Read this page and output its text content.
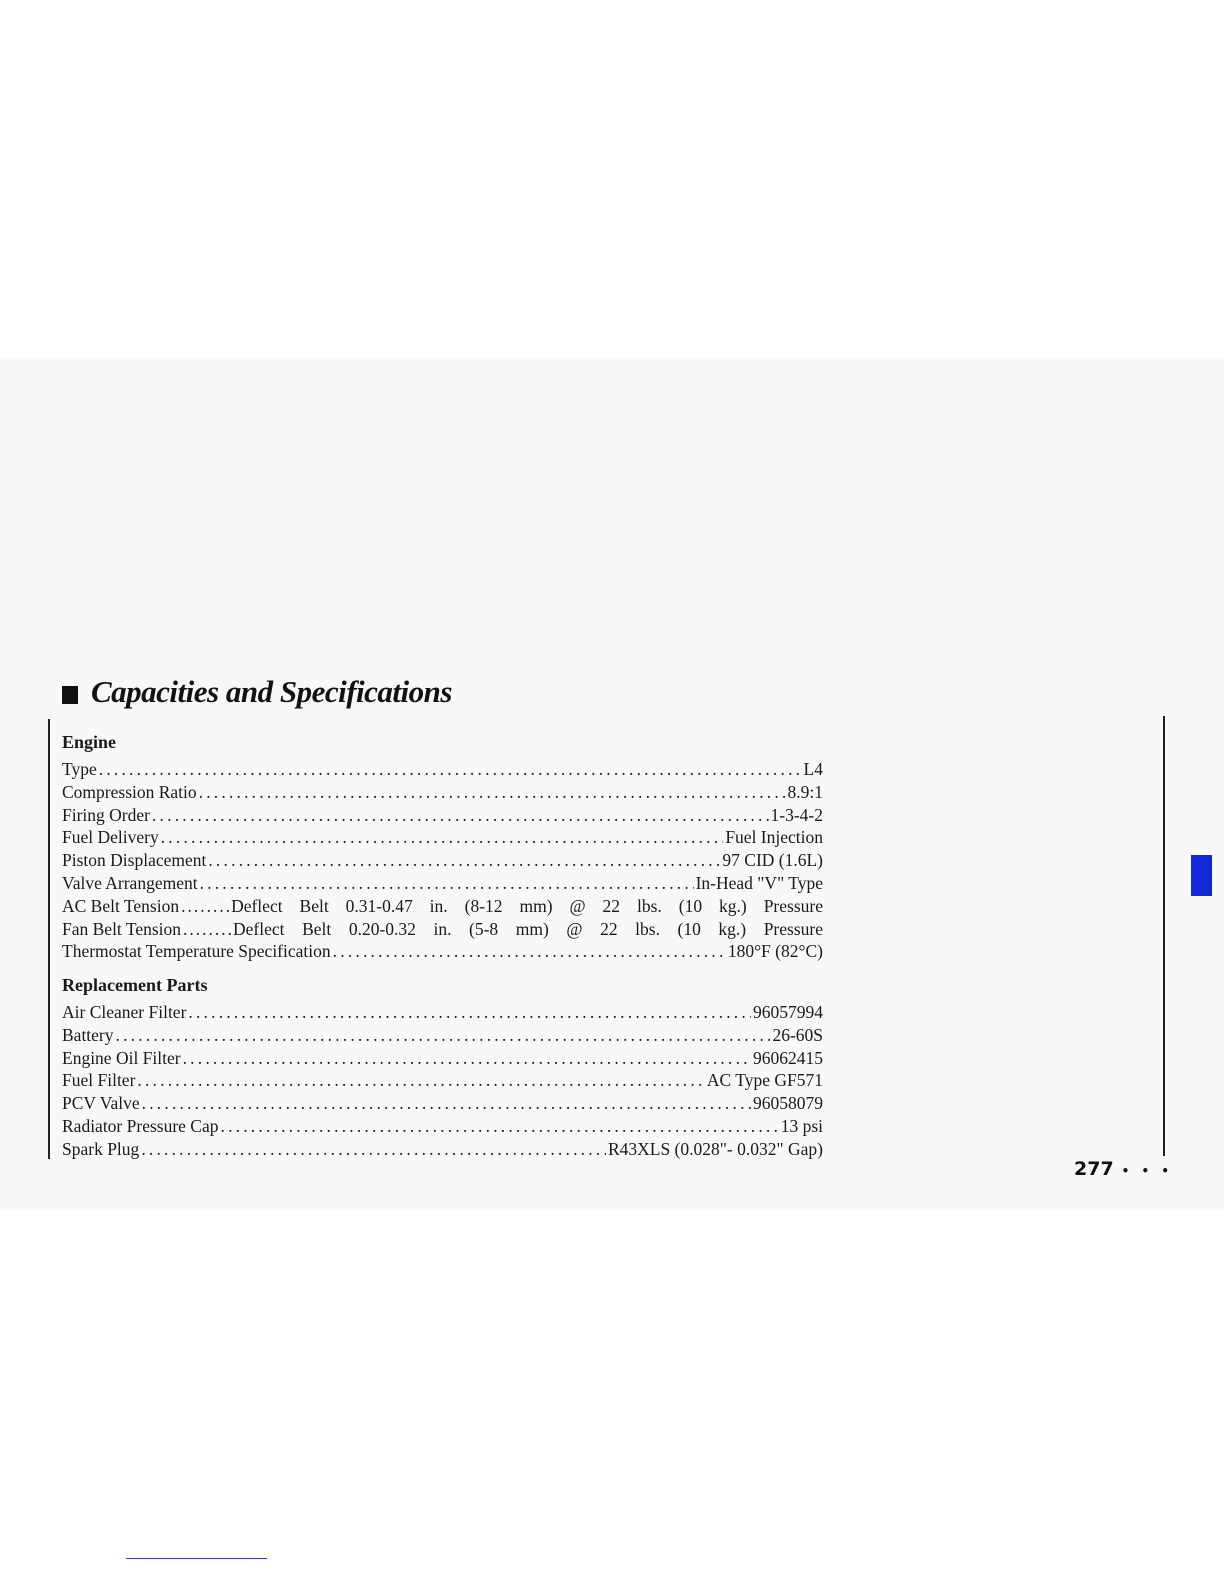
Capacities and Specifications
Engine
Type .....	L4
Compression Ratio .....	8.9:1
Firing Order .....	1-3-4-2
Fuel Delivery .....	Fuel Injection
Piston Displacement .....	97 CID (1.6L)
Valve Arrangement .....	In-Head "V" Type
AC Belt Tension .....	Deflect Belt 0.31-0.47 in. (8-12 mm) @ 22 lbs. (10 kg.) Pressure
Fan Belt Tension .....	Deflect Belt 0.20-0.32 in. (5-8 mm) @ 22 lbs. (10 kg.) Pressure
Thermostat Temperature Specification .....	180°F (82°C)
Replacement Parts
Air Cleaner Filter .....	96057994
Battery .....	26-60S
Engine Oil Filter .....	96062415
Fuel Filter .....	AC Type GF571
PCV Valve .....	96058079
Radiator Pressure Cap .....	13 psi
Spark Plug .....	R43XLS (0.028"- 0.032" Gap)
277 • • •
